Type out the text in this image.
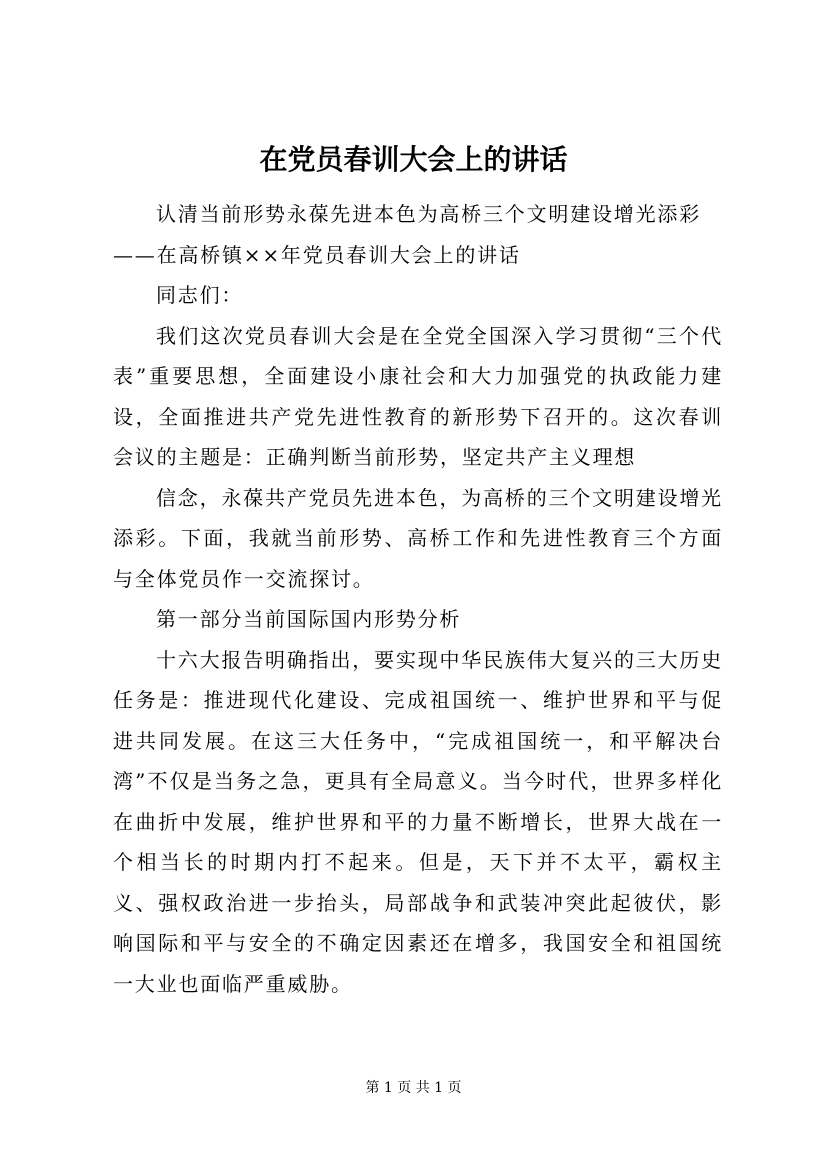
在党员春训大会上的讲话

认清当前形势永葆先进本色为高桥三个文明建设增光添彩

——在高桥镇××年党员春训大会上的讲话

同志们：

我们这次党员春训大会是在全党全国深入学习贯彻“三个代表”重要思想，全面建设小康社会和大力加强党的执政能力建设，全面推进共产党先进性教育的新形势下召开的。这次春训会议的主题是：正确判断当前形势，坚定共产主义理想

信念，永葆共产党员先进本色，为高桥的三个文明建设增光添彩。下面，我就当前形势、高桥工作和先进性教育三个方面与全体党员作一交流探讨。

第一部分当前国际国内形势分析

十六大报告明确指出，要实现中华民族伟大复兴的三大历史任务是：推进现代化建设、完成祖国统一、维护世界和平与促进共同发展。在这三大任务中，“完成祖国统一，和平解决台湾”不仅是当务之急，更具有全局意义。当今时代，世界多样化在曲折中发展，维护世界和平的力量不断增长，世界大战在一个相当长的时期内打不起来。但是，天下并不太平，霸权主义、强权政治进一步抬头，局部战争和武装冲突此起彼伏，影响国际和平与安全的不确定因素还在增多，我国安全和祖国统一大业也面临严重威胁。

第 1 页 共 1 页
